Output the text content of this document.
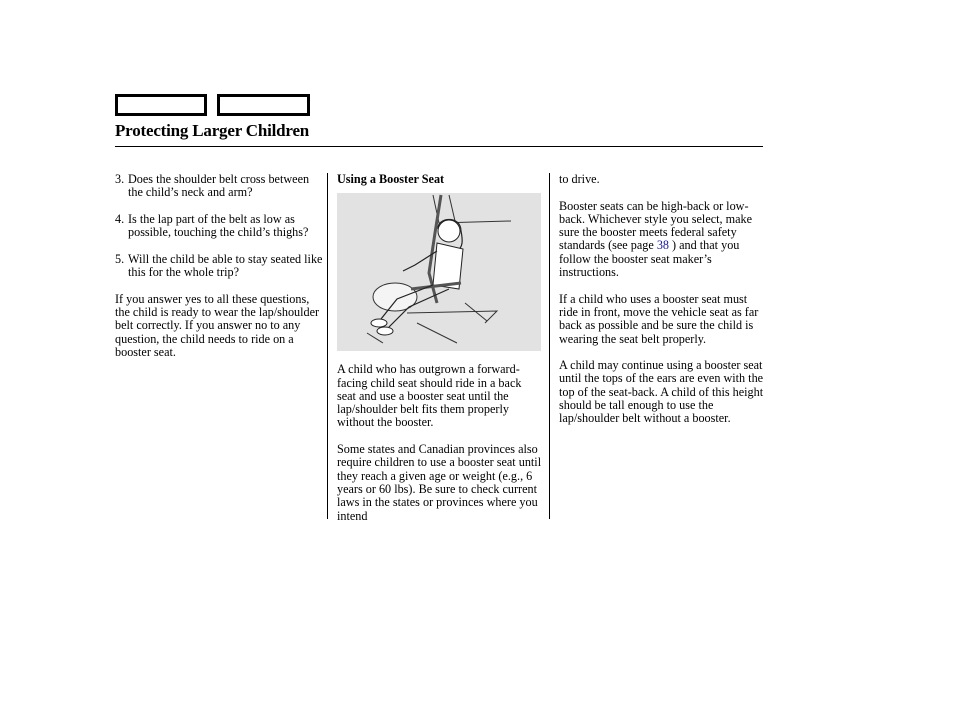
Protecting Larger Children
3. Does the shoulder belt cross between the child’s neck and arm?
4. Is the lap part of the belt as low as possible, touching the child’s thighs?
5. Will the child be able to stay seated like this for the whole trip?

If you answer yes to all these questions, the child is ready to wear the lap/shoulder belt correctly. If you answer no to any question, the child needs to ride on a booster seat.

Using a Booster Seat

A child who has outgrown a forward-facing child seat should ride in a back seat and use a booster seat until the lap/shoulder belt fits them properly without the booster.

Some states and Canadian provinces also require children to use a booster seat until they reach a given age or weight (e.g., 6 years or 60 lbs). Be sure to check current laws in the states or provinces where you intend

to drive.

Booster seats can be high-back or low-back. Whichever style you select, make sure the booster meets federal safety standards (see page 38 ) and that you follow the booster seat maker’s instructions.

If a child who uses a booster seat must ride in front, move the vehicle seat as far back as possible and be sure the child is wearing the seat belt properly.

A child may continue using a booster seat until the tops of the ears are even with the top of the seat-back. A child of this height should be tall enough to use the lap/shoulder belt without a booster.
